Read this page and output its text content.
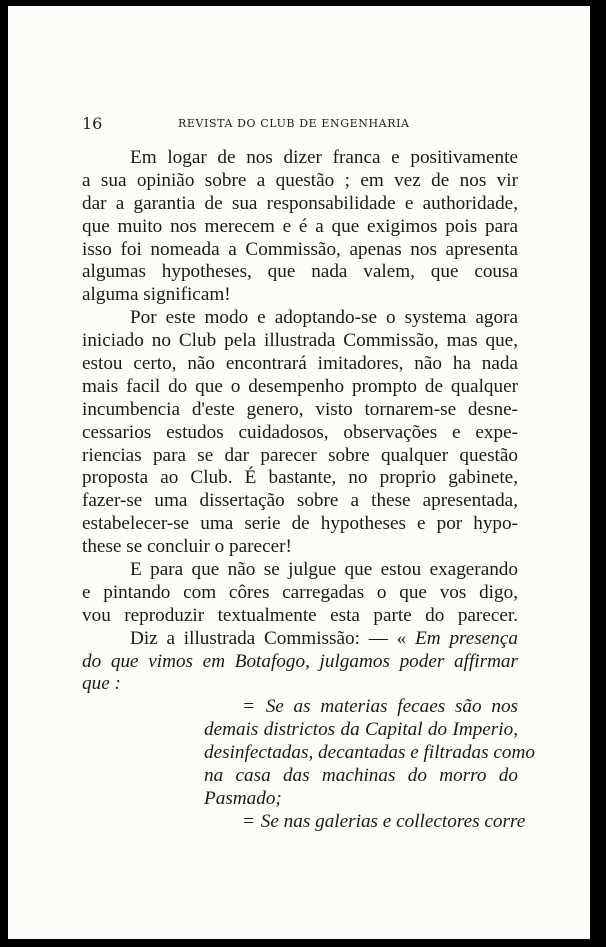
16	REVISTA DO CLUB DE ENGENHARIA
Em logar de nos dizer franca e positivamente
a sua opinião sobre a questão ; em vez de nos vir
dar a garantia de sua responsabilidade e authoridade,
que muito nos merecem e é a que exigimos pois para
isso foi nomeada a Commissão, apenas nos apresenta
algumas hypotheses, que nada valem, que cousa
alguma significam!
Por este modo e adoptando-se o systema agora
iniciado no Club pela illustrada Commissão, mas que,
estou certo, não encontrará imitadores, não ha nada
mais facil do que o desempenho prompto de qualquer
incumbencia d'este genero, visto tornarem-se desne-
cessarios estudos cuidadosos, observações e expe-
riencias para se dar parecer sobre qualquer questão
proposta ao Club. É bastante, no proprio gabinete,
fazer-se uma dissertação sobre a these apresentada,
estabelecer-se uma serie de hypotheses e por hypo-
these se concluir o parecer!
E para que não se julgue que estou exagerando
e pintando com côres carregadas o que vos digo,
vou reproduzir textualmente esta parte do parecer.
Diz a illustrada Commissão: — « Em presença
do que vimos em Botafogo, julgamos poder affirmar
que :
= Se as materias fecaes são nos
demais districtos da Capital do Imperio,
desinfectadas, decantadas e filtradas como
na casa das machinas do morro do
Pasmado;
= Se nas galerias e collectores corre
